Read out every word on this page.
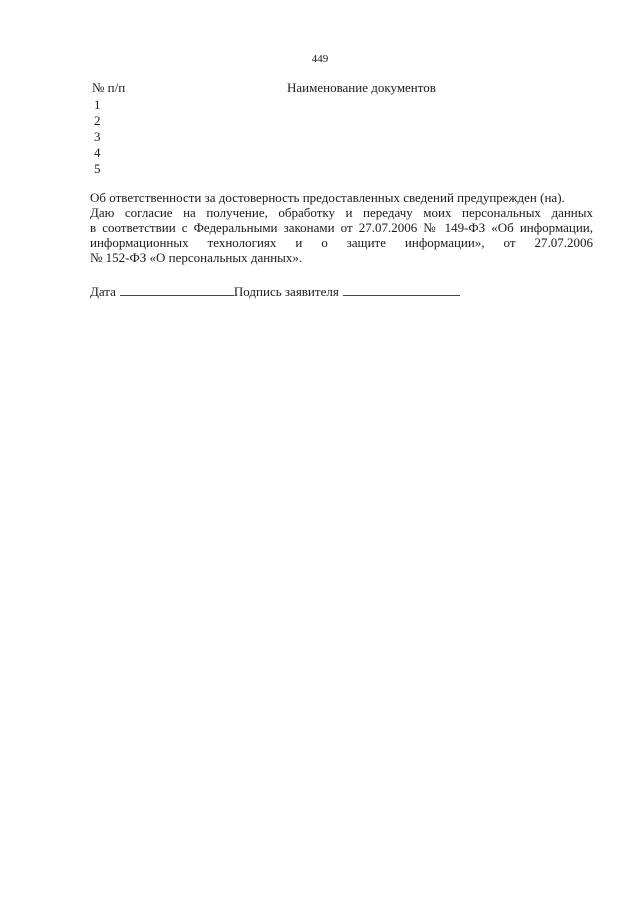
449
№ п/п	Наименование документов
1
2
3
4
5

Об ответственности за достоверность предоставленных сведений предупрежден (на).

Даю согласие на получение, обработку и передачу моих персональных данных

в соответствии с Федеральными законами от 27.07.2006 № 149-ФЗ «Об информации,

информационных технологиях и о защите информации», от 27.07.2006

№ 152-ФЗ «О персональных данных».

Дата	Подпись заявителя
